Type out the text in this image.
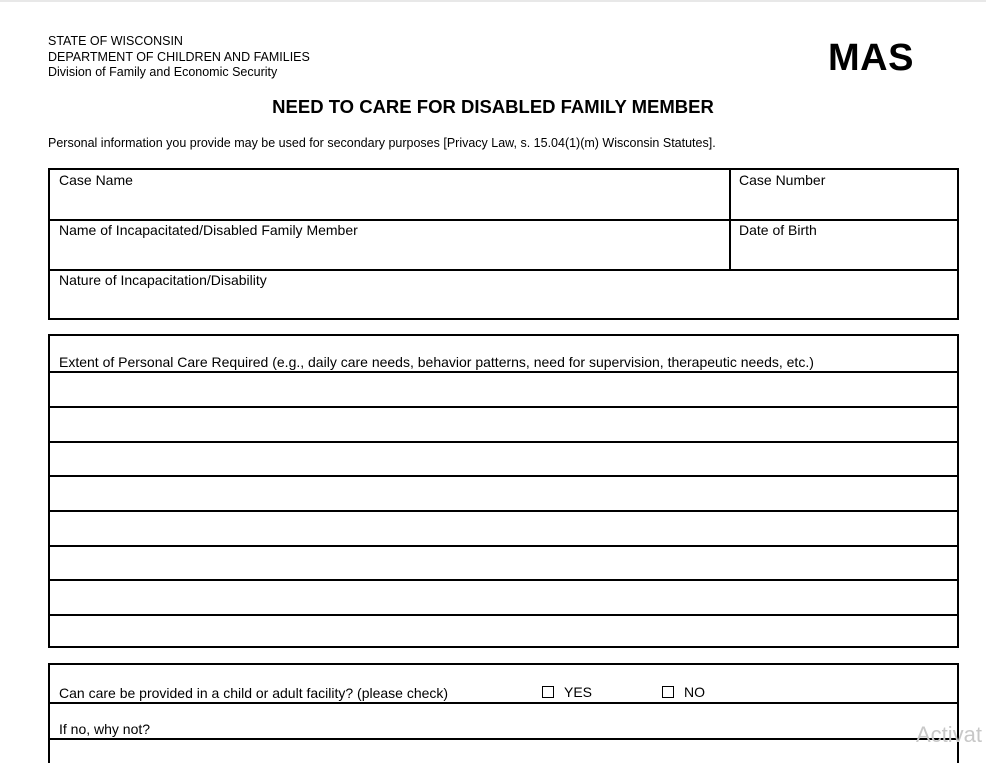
STATE OF WISCONSIN
DEPARTMENT OF CHILDREN AND FAMILIES
Division of Family and Economic Security	MAS
NEED TO CARE FOR DISABLED FAMILY MEMBER
Personal information you provide may be used for secondary purposes [Privacy Law, s. 15.04(1)(m) Wisconsin Statutes].
Case Name	Case Number
Name of Incapacitated/Disabled Family Member	Date of Birth
Nature of Incapacitation/Disability
Extent of Personal Care Required (e.g., daily care needs, behavior patterns, need for supervision, therapeutic needs, etc.)
Can care be provided in a child or adult facility? (please check)	YES	NO
If no, why not?	Activat
